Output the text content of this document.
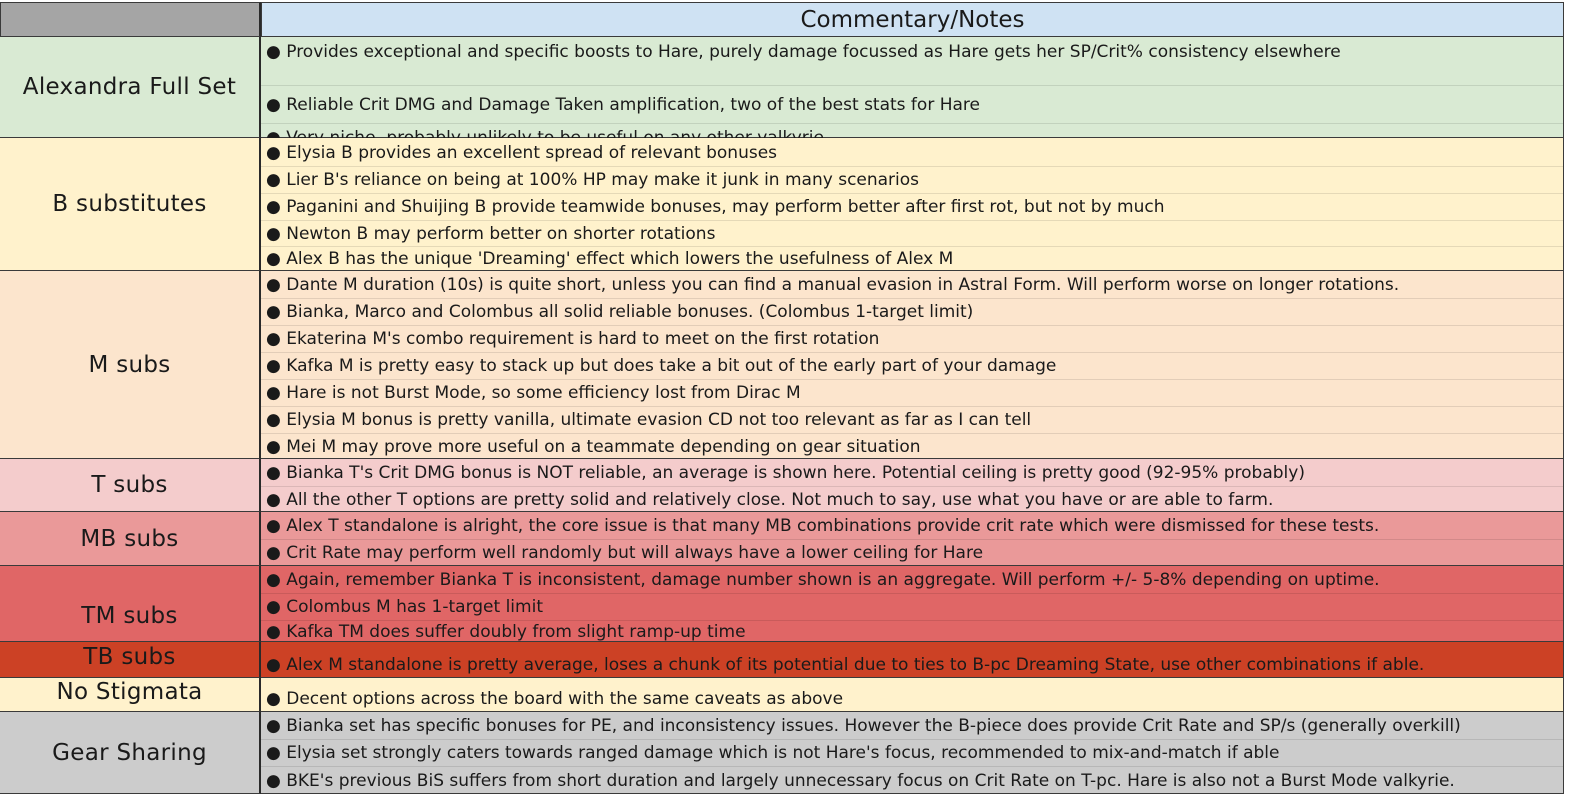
Commentary/Notes
Alexandra Full Set
● Provides exceptional and specific boosts to Hare, purely damage focussed as Hare gets her SP/Crit% consistency elsewhere
● Reliable Crit DMG and Damage Taken amplification, two of the best stats for Hare
B substitutes
● Elysia B provides an excellent spread of relevant bonuses
● Lier B's reliance on being at 100% HP may make it junk in many scenarios
● Paganini and Shuijing B provide teamwide bonuses, may perform better after first rot, but not by much
● Newton B may perform better on shorter rotations
● Alex B has the unique 'Dreaming' effect which lowers the usefulness of Alex M
M subs
● Dante M duration (10s) is quite short, unless you can find a manual evasion in Astral Form. Will perform worse on longer rotations.
● Bianka, Marco and Colombus all solid reliable bonuses. (Colombus 1-target limit)
● Ekaterina M's combo requirement is hard to meet on the first rotation
● Kafka M is pretty easy to stack up but does take a bit out of the early part of your damage
● Hare is not Burst Mode, so some efficiency lost from Dirac M
● Elysia M bonus is pretty vanilla, ultimate evasion CD not too relevant as far as I can tell
● Mei M may prove more useful on a teammate depending on gear situation
T subs	● Bianka T's Crit DMG bonus is NOT reliable, an average is shown here. Potential ceiling is pretty good (92-95% probably)
● All the other T options are pretty solid and relatively close. Not much to say, use what you have or are able to farm.
MB subs	● Alex T standalone is alright, the core issue is that many MB combinations provide crit rate which were dismissed for these tests.
● Crit Rate may perform well randomly but will always have a lower ceiling for Hare
TM subs
● Again, remember Bianka T is inconsistent, damage number shown is an aggregate. Will perform +/- 5-8% depending on uptime.
● Colombus M has 1-target limit
● Kafka TM does suffer doubly from slight ramp-up time
TB subs	● Alex M standalone is pretty average, loses a chunk of its potential due to ties to B-pc Dreaming State, use other combinations if able.
No Stigmata	● Decent options across the board with the same caveats as above
Gear Sharing
● Bianka set has specific bonuses for PE, and inconsistency issues. However the B-piece does provide Crit Rate and SP/s (generally overkill)
● Elysia set strongly caters towards ranged damage which is not Hare's focus, recommended to mix-and-match if able
● BKE's previous BiS suffers from short duration and largely unnecessary focus on Crit Rate on T-pc. Hare is also not a Burst Mode valkyrie.
